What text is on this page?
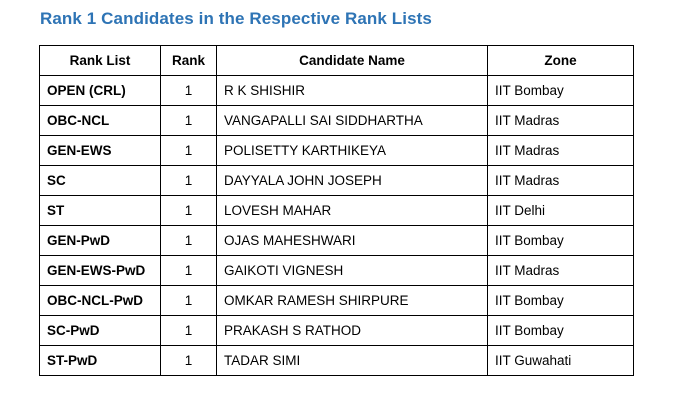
Rank 1 Candidates in the Respective Rank Lists
Rank List	Rank	Candidate Name	Zone
OPEN (CRL)	1	R K SHISHIR	IIT Bombay
OBC-NCL	1	VANGAPALLI SAI SIDDHARTHA	IIT Madras
GEN-EWS	1	POLISETTY KARTHIKEYA	IIT Madras
SC	1	DAYYALA JOHN JOSEPH	IIT Madras
ST	1	LOVESH MAHAR	IIT Delhi
GEN-PwD	1	OJAS MAHESHWARI	IIT Bombay
GEN-EWS-PwD	1	GAIKOTI VIGNESH	IIT Madras
OBC-NCL-PwD	1	OMKAR RAMESH SHIRPURE	IIT Bombay
SC-PwD	1	PRAKASH S RATHOD	IIT Bombay
ST-PwD	1	TADAR SIMI	IIT Guwahati
